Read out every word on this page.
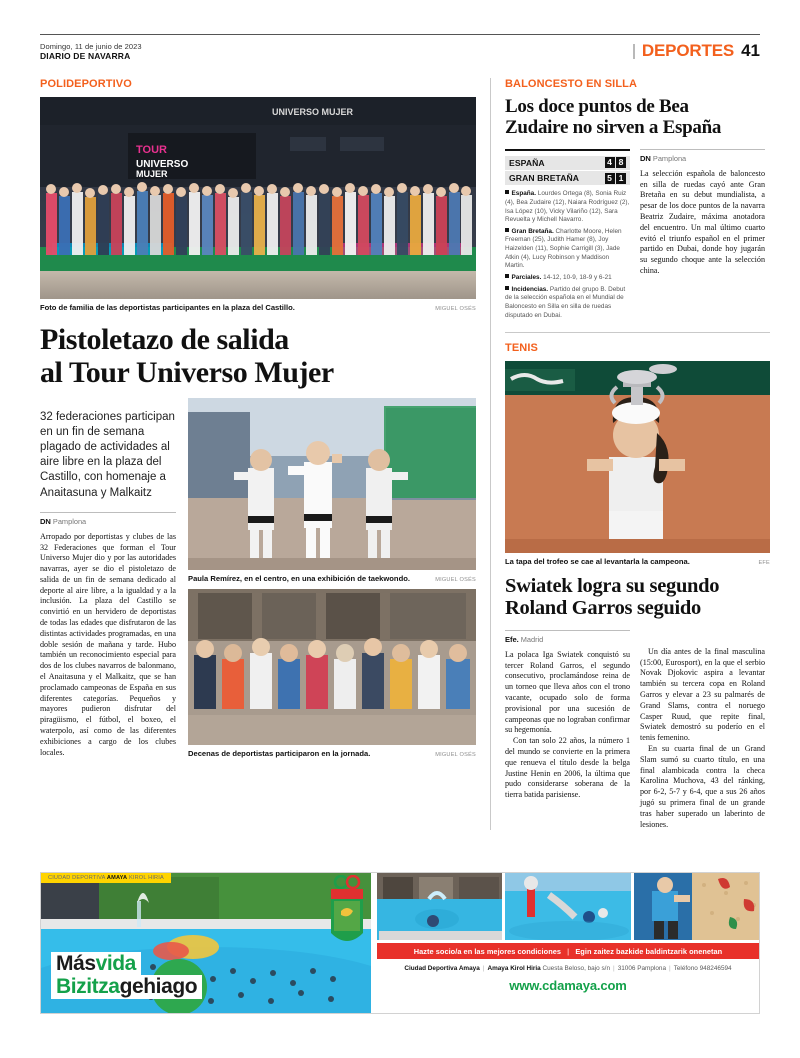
Domingo, 11 de junio de 2023
DIARIO DE NAVARRA	DEPORTES 41
POLIDEPORTIVO
TOUR
UNIVERSO
MUJER
UNIVERSO MUJER
Foto de familia de las deportistas participantes en la plaza del Castillo.	MIGUEL OSÉS
Pistoletazo de salida
al Tour Universo Mujer
32 federaciones participan en un fin de semana plagado de actividades al aire libre en la plaza del Castillo, con homenaje a Anaitasuna y Malkaitz
DN Pamplona
Arropado por deportistas y clubes de las 32 Federaciones que forman el Tour Universo Mujer dio y por las autoridades navarras, ayer se dio el pistoletazo de salida de un fin de semana dedicado al deporte al aire libre, a la igualdad y a la inclusión. La plaza del Castillo se convirtió en un hervidero de deportistas de todas las edades que disfrutaron de las distintas actividades programadas, en una doble sesión de mañana y tarde. Hubo también un reconocimiento especial para dos de los clubes navarros de balonmano, el Anaitasuna y el Malkaitz, que se han proclamado campeonas de España en sus diferentes categorías. Pequeños y mayores pudieron disfrutar del piragüismo, el fútbol, el boxeo, el waterpolo, así como de las diferentes exhibiciones a cargo de los clubes locales.
Paula Remírez, en el centro, en una exhibición de taekwondo.	MIGUEL OSÉS
Decenas de deportistas participaron en la jornada.	MIGUEL OSÉS
BALONCESTO EN SILLA
Los doce puntos de Bea
Zudaire no sirven a España
ESPAÑA	4 8
GRAN BRETAÑA	5 1

España. Lourdes Ortega (8), Sonia Ruiz (4), Bea Zudaire (12), Naiara Rodríguez (2), Isa López (10), Vicky Vilariño (12), Sara Revuelta y Michell Navarro.

Gran Bretaña. Charlotte Moore, Helen Freeman (25), Judith Hamer (8), Joy Haizelden (11), Sophie Carrigill (3), Jade Atkin (4), Lucy Robinson y Maddison Martin.

Parciales. 14-12, 10-9, 18-9 y 6-21

Incidencias. Partido del grupo B. Debut de la selección española en el Mundial de Baloncesto en Silla en silla de ruedas disputado en Dubai.

DN Pamplona
La selección española de baloncesto en silla de ruedas cayó ante Gran Bretaña en su debut mundialista, a pesar de los doce puntos de la navarra Beatriz Zudaire, máxima anotadora del encuentro. Un mal último cuarto evitó el triunfo español en el primer partido en Dubai, donde hoy jugarán su segundo choque ante la selección china.
TENIS
La tapa del trofeo se cae al levantarla la campeona.	EFE
Swiatek logra su segundo
Roland Garros seguido
Efe. Madrid

La polaca Iga Swiatek conquistó su tercer Roland Garros, el segundo consecutivo, proclamándose reina de un torneo que lleva años con el trono vacante, ocupado solo de forma provisional por una sucesión de campeonas que no lograban confirmar su hegemonía.

Con tan solo 22 años, la número 1 del mundo se convierte en la primera que renueva el título desde la belga Justine Henin en 2006, la última que pudo considerarse soberana de la tierra batida parisiense.

Un día antes de la final masculina (15:00, Eurosport), en la que el serbio Novak Djokovic aspira a levantar también su tercera copa en Roland Garros y elevar a 23 su palmarés de Grand Slams, contra el noruego Casper Ruud, que repite final, Swiatek demostró su poderío en el tenis femenino.

En su cuarta final de un Grand Slam sumó su cuarto título, en una final alambicada contra la checa Karolina Muchova, 43 del ránking, por 6-2, 5-7 y 6-4, que a sus 26 años jugó su primera final de un grande tras haber superado un laberinto de lesiones.

CIUDAD DEPORTIVA AMAYA KIROL HIRIA
Másvida
Bizitzagehiago
Hazte socio/a en las mejores condiciones | Egin zaitez bazkide baldintzarik onenetan
Ciudad Deportiva Amaya | Amaya Kirol Hiria Cuesta Beloso, bajo s/n | 31006 Pamplona | Teléfono 948246594
www.cdamaya.com
